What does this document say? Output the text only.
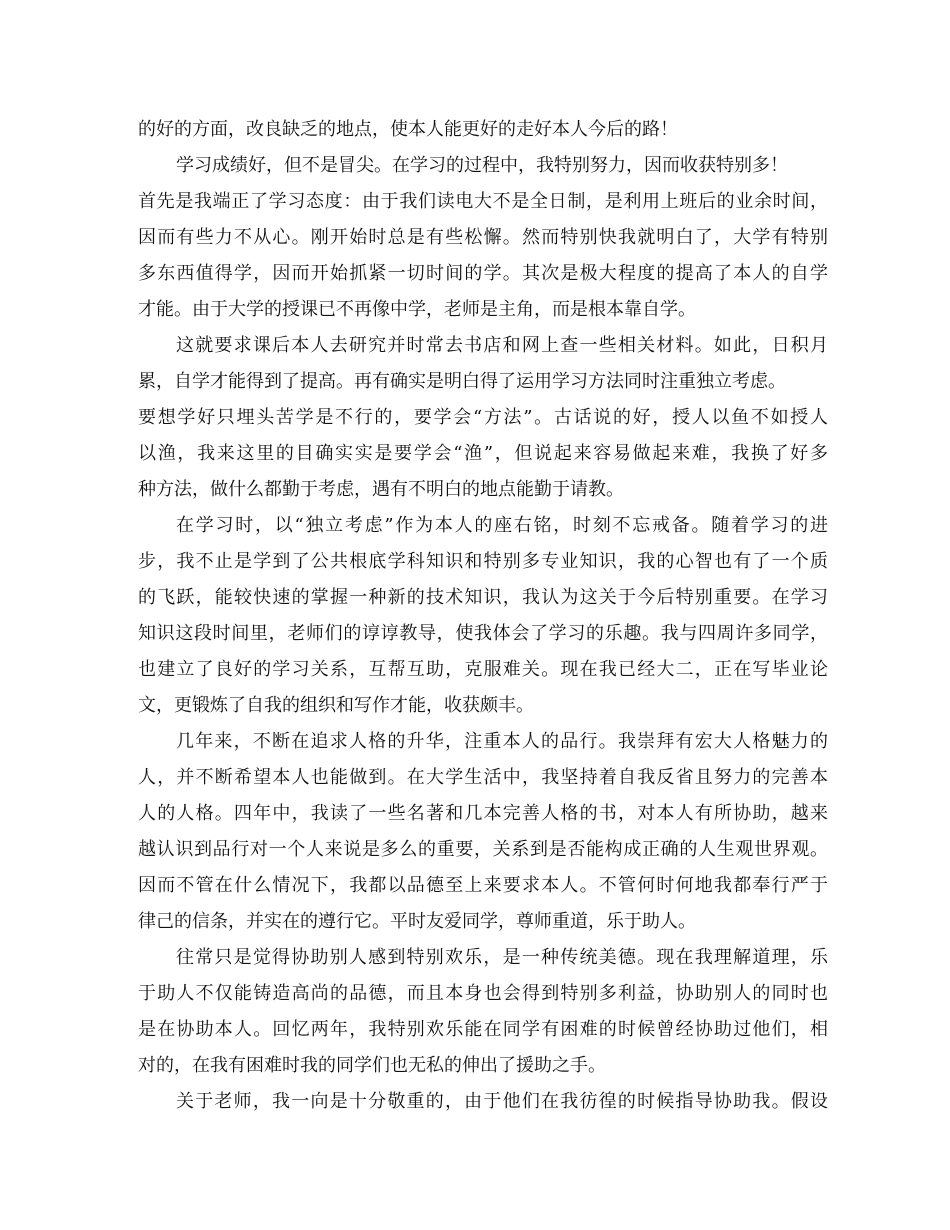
的好的方面，改良缺乏的地点，使本人能更好的走好本人今后的路！
学习成绩好，但不是冒尖。在学习的过程中，我特别努力，因而收获特别多！
首先是我端正了学习态度：由于我们读电大不是全日制，是利用上班后的业余时间，
因而有些力不从心。刚开始时总是有些松懈。然而特别快我就明白了，大学有特别
多东西值得学，因而开始抓紧一切时间的学。其次是极大程度的提高了本人的自学
才能。由于大学的授课已不再像中学，老师是主角，而是根本靠自学。
这就要求课后本人去研究并时常去书店和网上查一些相关材料。如此，日积月
累，自学才能得到了提高。再有确实是明白得了运用学习方法同时注重独立考虑。
要想学好只埋头苦学是不行的，要学会“方法”。古话说的好，授人以鱼不如授人
以渔，我来这里的目确实实是要学会“渔”，但说起来容易做起来难，我换了好多
种方法，做什么都勤于考虑，遇有不明白的地点能勤于请教。
在学习时，以“独立考虑”作为本人的座右铭，时刻不忘戒备。随着学习的进
步，我不止是学到了公共根底学科知识和特别多专业知识，我的心智也有了一个质
的飞跃，能较快速的掌握一种新的技术知识，我认为这关于今后特别重要。在学习
知识这段时间里，老师们的谆谆教导，使我体会了学习的乐趣。我与四周许多同学，
也建立了良好的学习关系，互帮互助，克服难关。现在我已经大二，正在写毕业论
文，更锻炼了自我的组织和写作才能，收获颇丰。
几年来，不断在追求人格的升华，注重本人的品行。我崇拜有宏大人格魅力的
人，并不断希望本人也能做到。在大学生活中，我坚持着自我反省且努力的完善本
人的人格。四年中，我读了一些名著和几本完善人格的书，对本人有所协助，越来
越认识到品行对一个人来说是多么的重要，关系到是否能构成正确的人生观世界观。
因而不管在什么情况下，我都以品德至上来要求本人。不管何时何地我都奉行严于
律己的信条，并实在的遵行它。平时友爱同学，尊师重道，乐于助人。
往常只是觉得协助别人感到特别欢乐，是一种传统美德。现在我理解道理，乐
于助人不仅能铸造高尚的品德，而且本身也会得到特别多利益，协助别人的同时也
是在协助本人。回忆两年，我特别欢乐能在同学有困难的时候曾经协助过他们，相
对的，在我有困难时我的同学们也无私的伸出了援助之手。
关于老师，我一向是十分敬重的，由于他们在我彷徨的时候指导协助我。假设
